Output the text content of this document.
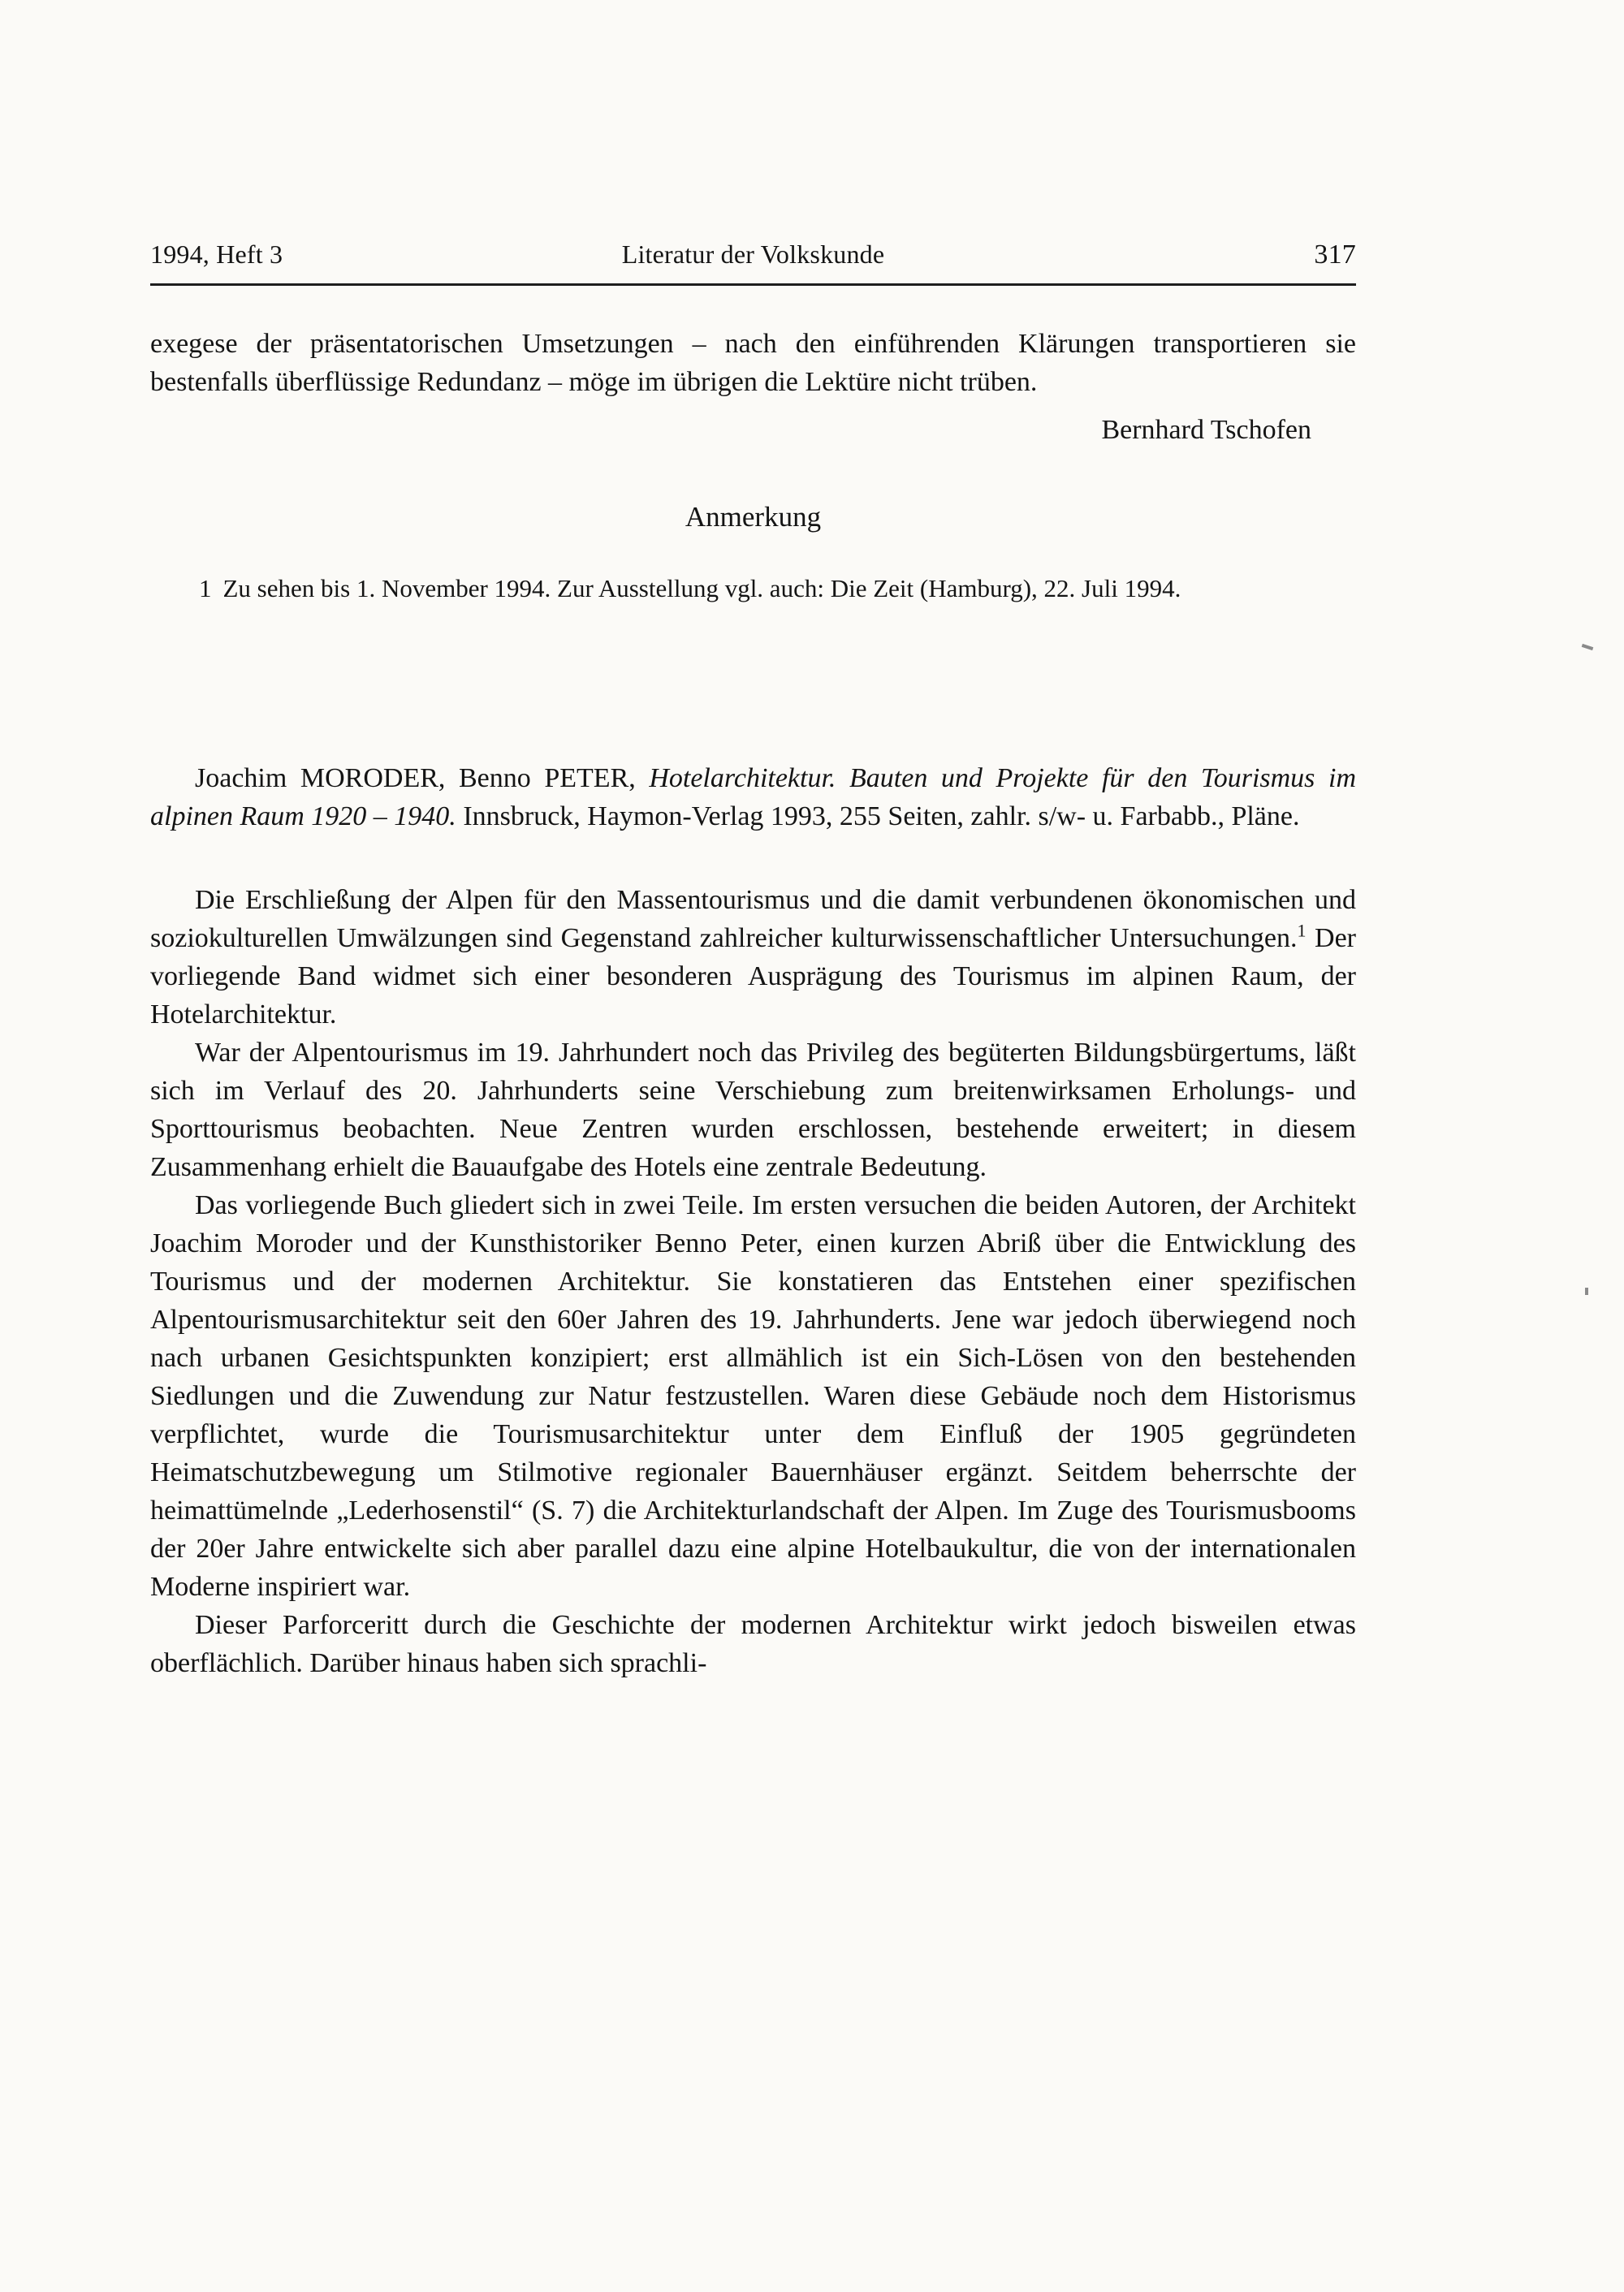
1994, Heft 3	Literatur der Volkskunde	317

exegese der präsentatorischen Umsetzungen – nach den einführenden Klärungen transportieren sie bestenfalls überflüssige Redundanz – möge im übrigen die Lektüre nicht trüben.

Bernhard Tschofen

Anmerkung

1 Zu sehen bis 1. November 1994. Zur Ausstellung vgl. auch: Die Zeit (Hamburg), 22. Juli 1994.

Joachim MORODER, Benno PETER, Hotelarchitektur. Bauten und Projekte für den Tourismus im alpinen Raum 1920 – 1940. Innsbruck, Haymon-Verlag 1993, 255 Seiten, zahlr. s/w- u. Farbabb., Pläne.

Die Erschließung der Alpen für den Massentourismus und die damit verbundenen ökonomischen und soziokulturellen Umwälzungen sind Gegenstand zahlreicher kulturwissenschaftlicher Untersuchungen.$^1$ Der vorliegende Band widmet sich einer besonderen Ausprägung des Tourismus im alpinen Raum, der Hotelarchitektur.

War der Alpentourismus im 19. Jahrhundert noch das Privileg des begüterten Bildungsbürgertums, läßt sich im Verlauf des 20. Jahrhunderts seine Verschiebung zum breitenwirksamen Erholungs- und Sporttourismus beobachten. Neue Zentren wurden erschlossen, bestehende erweitert; in diesem Zusammenhang erhielt die Bauaufgabe des Hotels eine zentrale Bedeutung.

Das vorliegende Buch gliedert sich in zwei Teile. Im ersten versuchen die beiden Autoren, der Architekt Joachim Moroder und der Kunsthistoriker Benno Peter, einen kurzen Abriß über die Entwicklung des Tourismus und der modernen Architektur. Sie konstatieren das Entstehen einer spezifischen Alpentourismusarchitektur seit den 60er Jahren des 19. Jahrhunderts. Jene war jedoch überwiegend noch nach urbanen Gesichtspunkten konzipiert; erst allmählich ist ein Sich-Lösen von den bestehenden Siedlungen und die Zuwendung zur Natur festzustellen. Waren diese Gebäude noch dem Historismus verpflichtet, wurde die Tourismusarchitektur unter dem Einfluß der 1905 gegründeten Heimatschutzbewegung um Stilmotive regionaler Bauernhäuser ergänzt. Seitdem beherrschte der heimattümelnde „Lederhosenstil“ (S. 7) die Architekturlandschaft der Alpen. Im Zuge des Tourismusbooms der 20er Jahre entwickelte sich aber parallel dazu eine alpine Hotelbaukultur, die von der internationalen Moderne inspiriert war.

Dieser Parforceritt durch die Geschichte der modernen Architektur wirkt jedoch bisweilen etwas oberflächlich. Darüber hinaus haben sich sprachli-
